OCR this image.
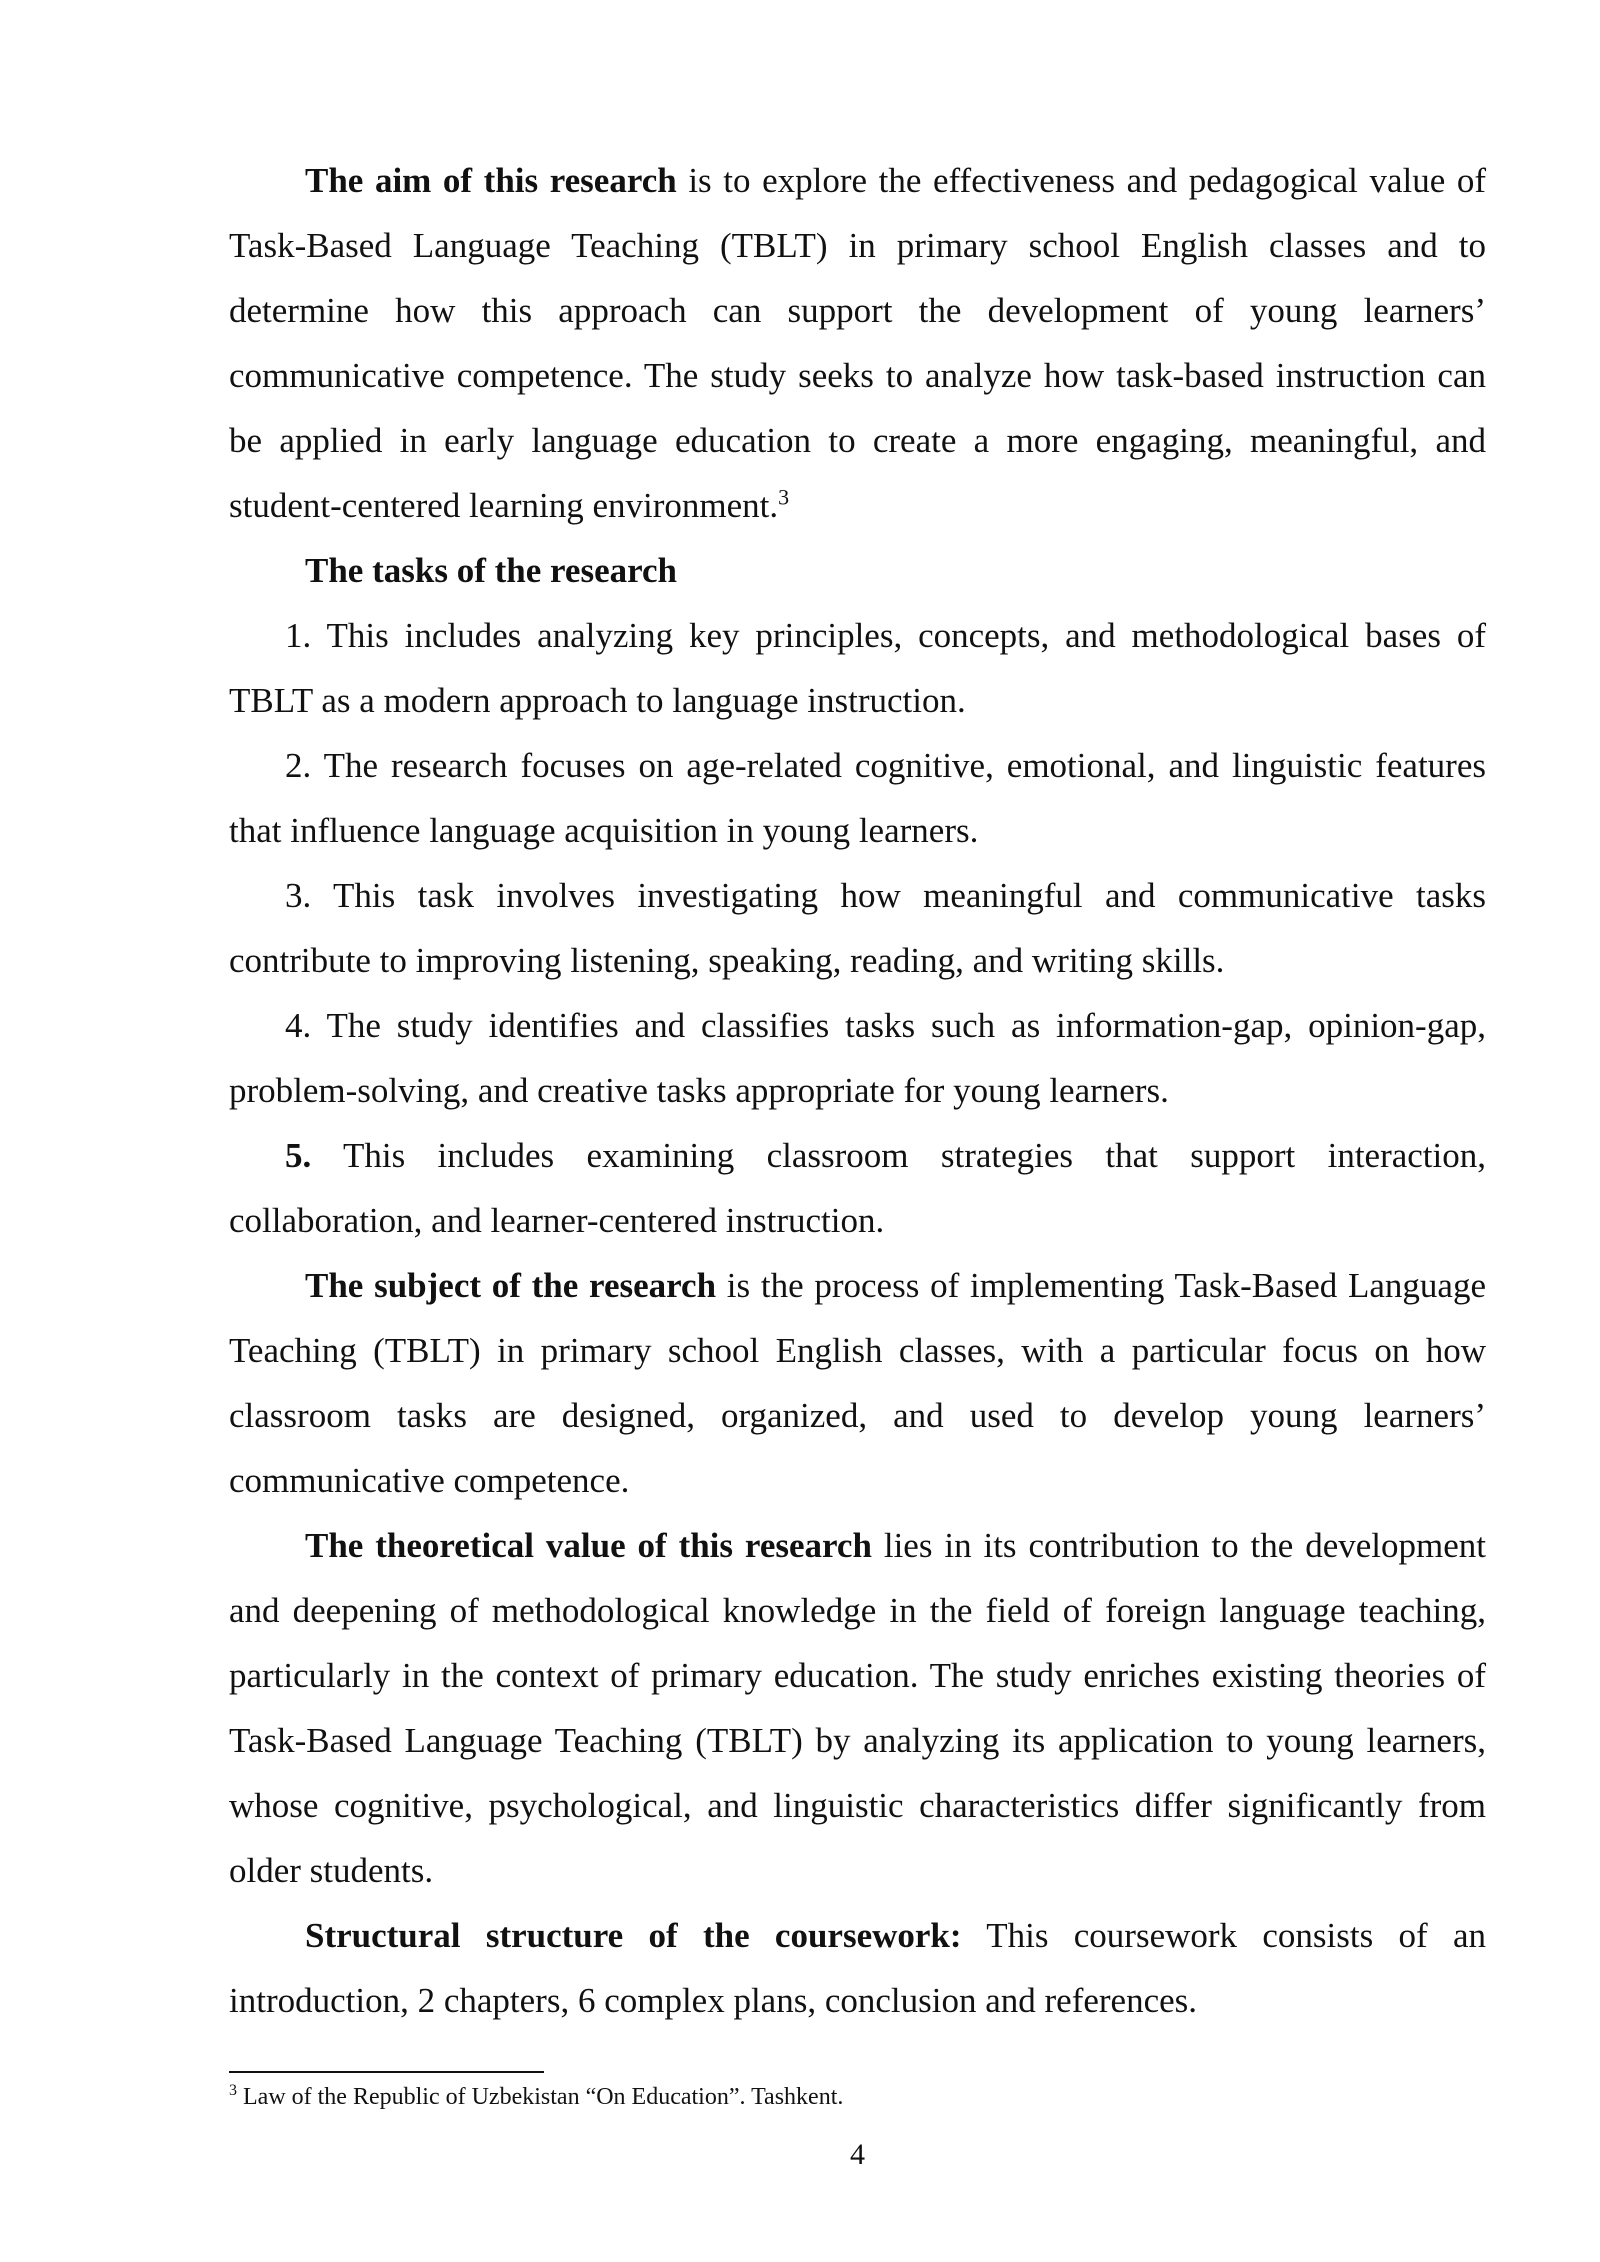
The aim of this research is to explore the effectiveness and pedagogical value of Task-Based Language Teaching (TBLT) in primary school English classes and to determine how this approach can support the development of young learners’ communicative competence. The study seeks to analyze how task-based instruction can be applied in early language education to create a more engaging, meaningful, and student-centered learning environment.$^3$

The tasks of the research

1. This includes analyzing key principles, concepts, and methodological bases of TBLT as a modern approach to language instruction.

2. The research focuses on age-related cognitive, emotional, and linguistic features that influence language acquisition in young learners.

3. This task involves investigating how meaningful and communicative tasks contribute to improving listening, speaking, reading, and writing skills.

4. The study identifies and classifies tasks such as information-gap, opinion-gap, problem-solving, and creative tasks appropriate for young learners.

5. This includes examining classroom strategies that support interaction, collaboration, and learner-centered instruction.

The subject of the research is the process of implementing Task-Based Language Teaching (TBLT) in primary school English classes, with a particular focus on how classroom tasks are designed, organized, and used to develop young learners’ communicative competence.

The theoretical value of this research lies in its contribution to the development and deepening of methodological knowledge in the field of foreign language teaching, particularly in the context of primary education. The study enriches existing theories of Task-Based Language Teaching (TBLT) by analyzing its application to young learners, whose cognitive, psychological, and linguistic characteristics differ significantly from older students.

Structural structure of the coursework: This coursework consists of an introduction, 2 chapters, 6 complex plans, conclusion and references.

$^3$ Law of the Republic of Uzbekistan “On Education”. Tashkent.
4
